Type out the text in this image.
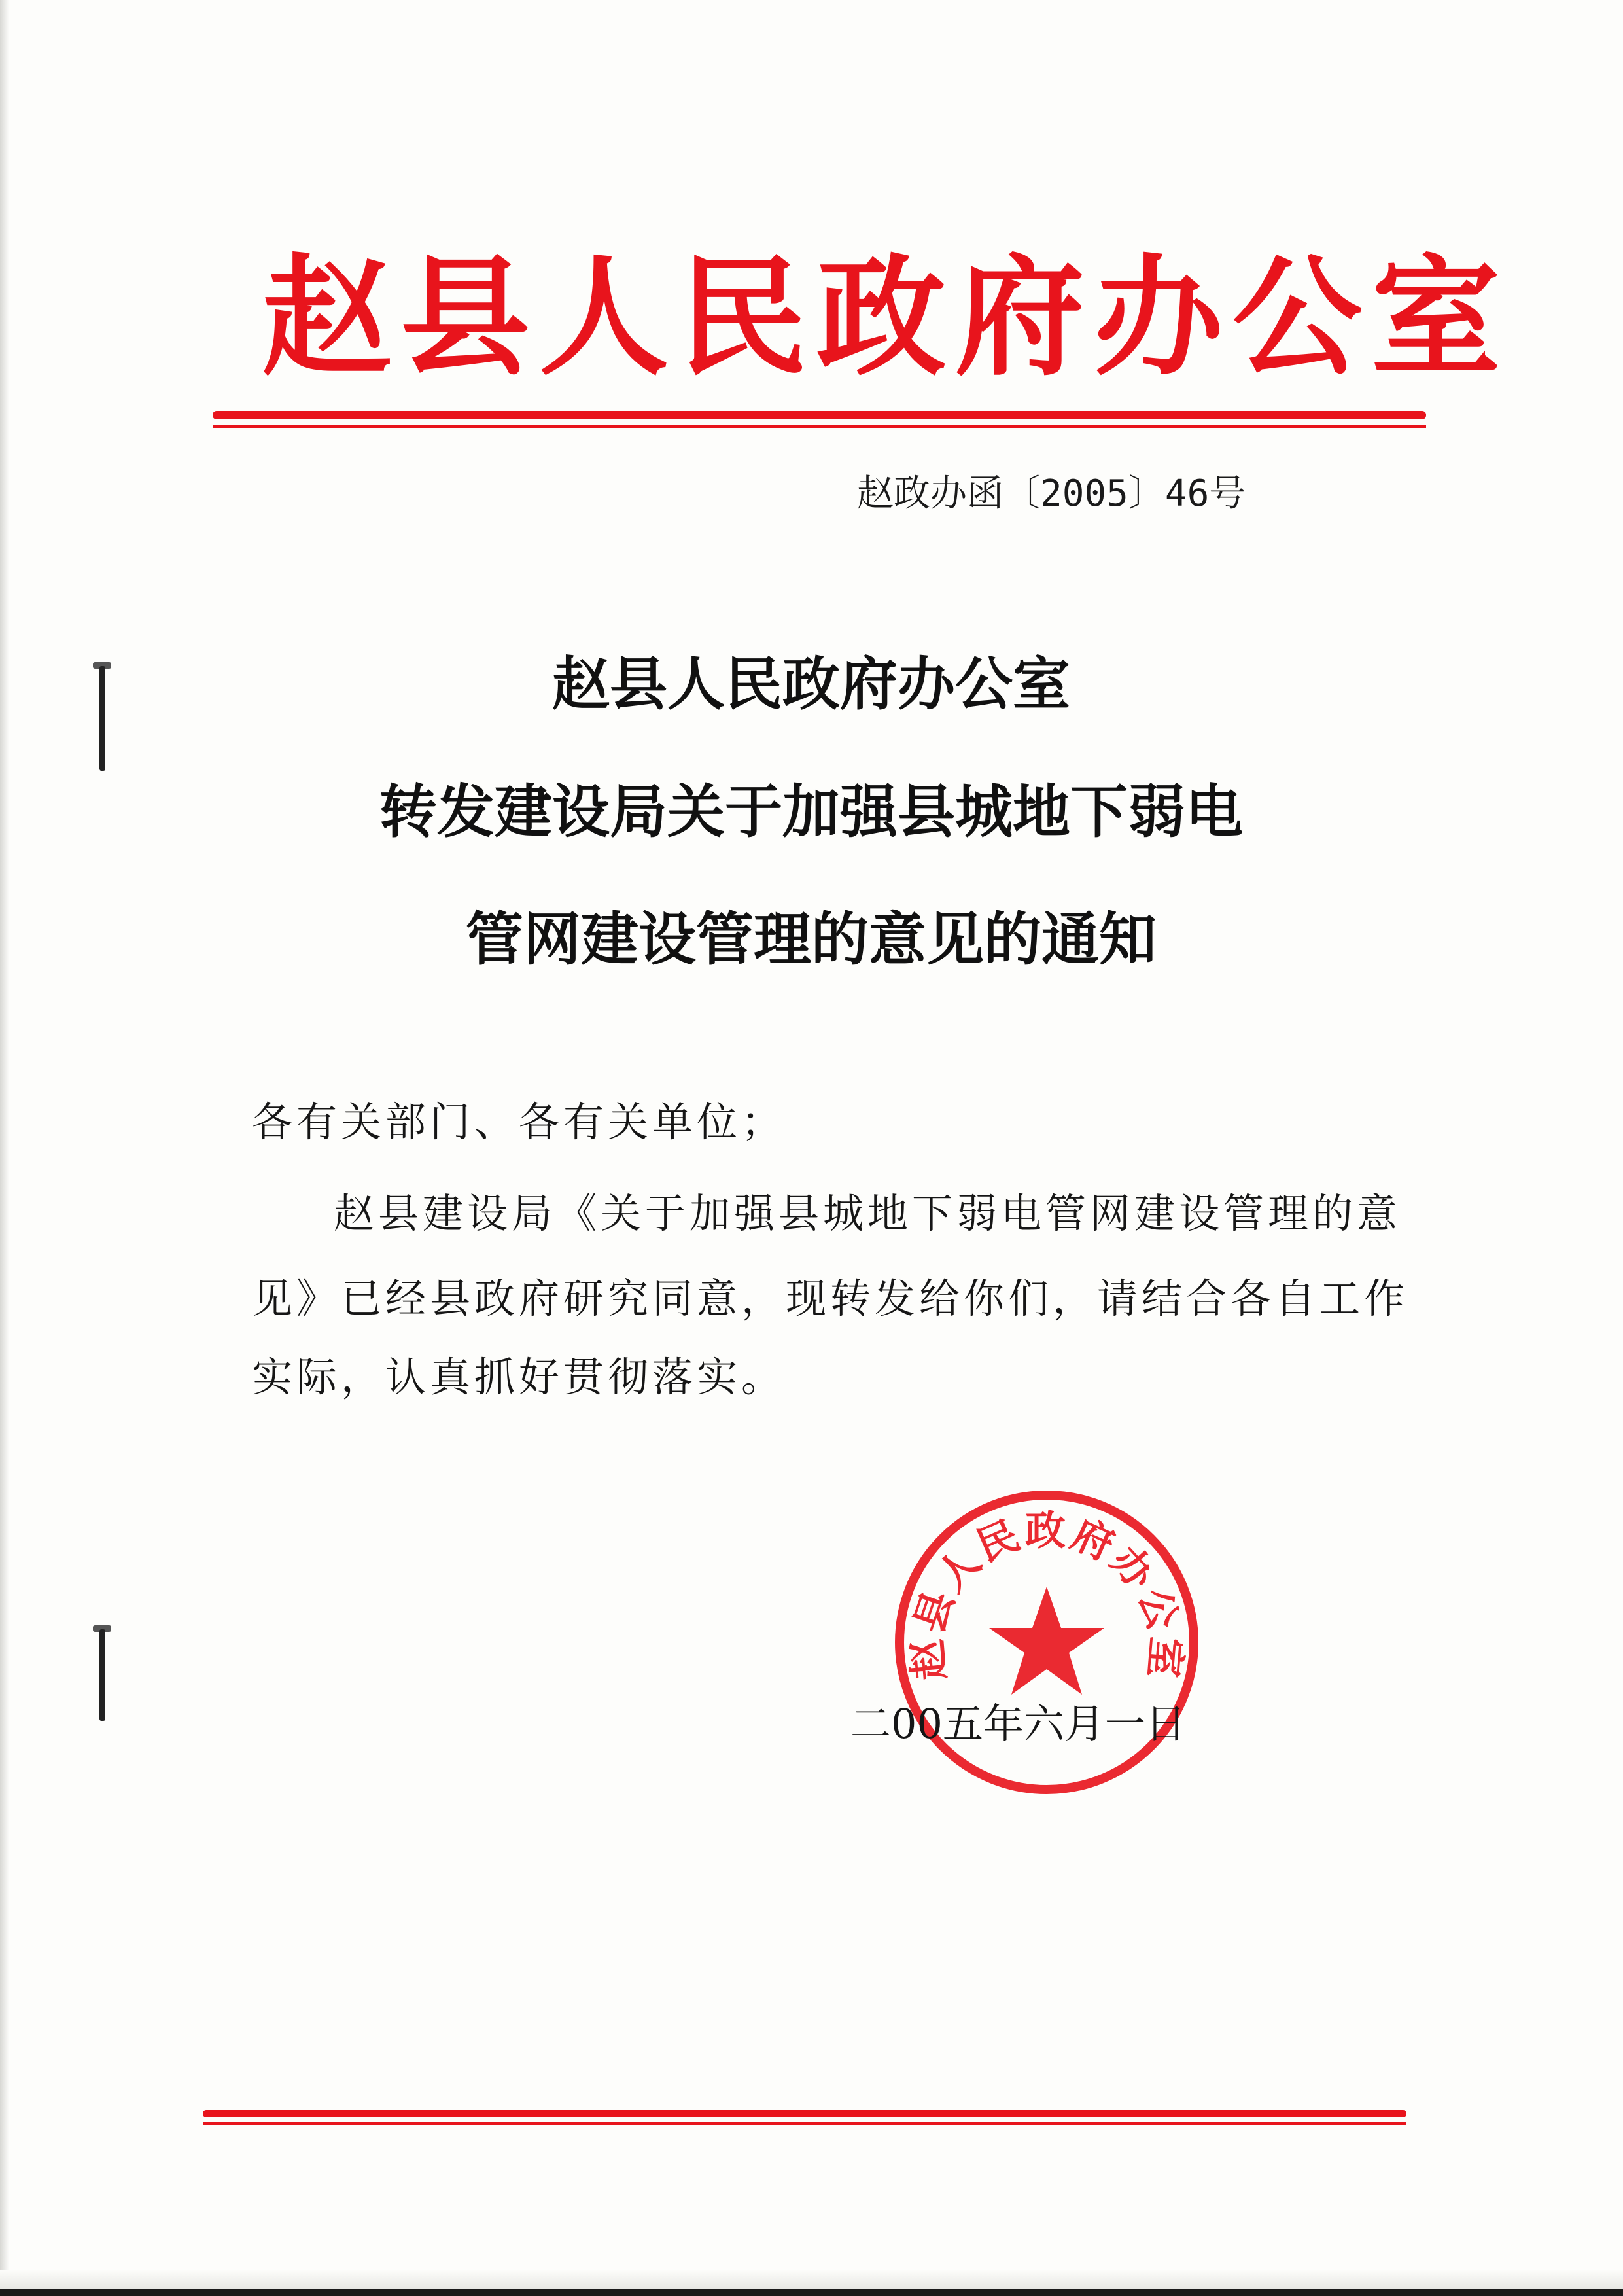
赵县人民政府办公室
赵政办函〔2005〕46号
赵县人民政府办公室
转发建设局关于加强县城地下弱电
管网建设管理的意见的通知
各有关部门、各有关单位；
赵县建设局《关于加强县城地下弱电管网建设管理的意
见》已经县政府研究同意，现转发给你们，请结合各自工作
实际，认真抓好贯彻落实。
赵县人民政府办公室
二00五年六月一日
